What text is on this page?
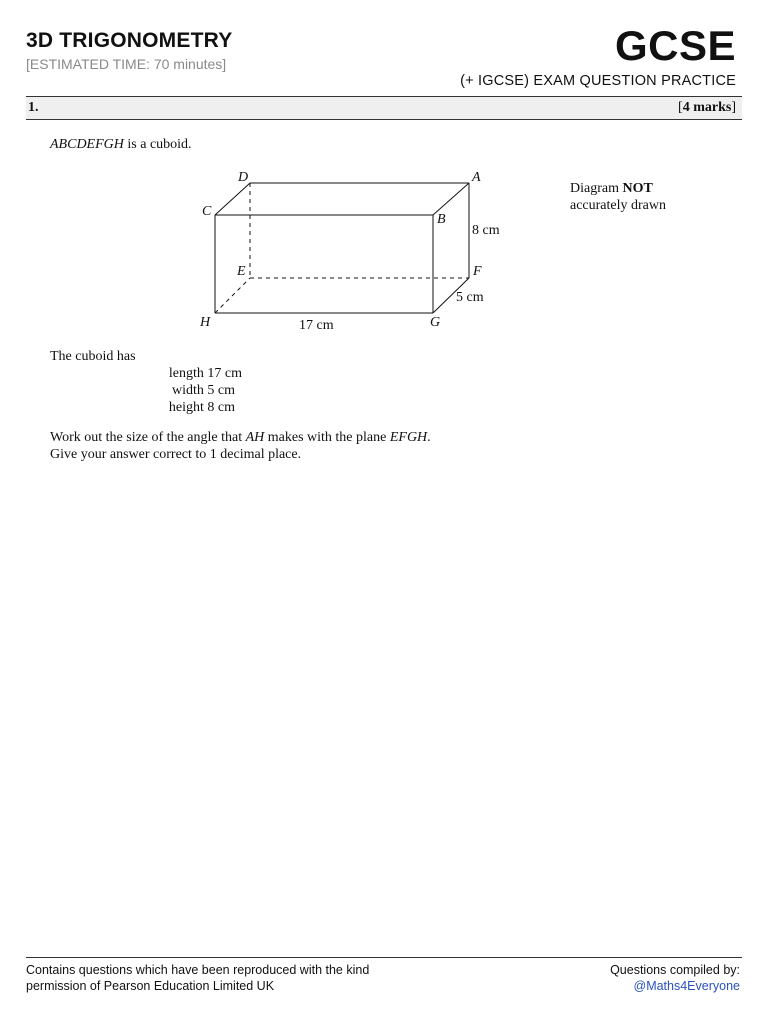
3D TRIGONOMETRY
[ESTIMATED TIME: 70 minutes]	GCSE
(+ IGCSE) EXAM QUESTION PRACTICE
1.	[4 marks]
ABCDEFGH is a cuboid.
D	A
C
B
E	F
H	G
8 cm
5 cm
17 cm
Diagram NOT
accurately drawn
The cuboid has
length 17 cm
width 5 cm
height 8 cm
Work out the size of the angle that AH makes with the plane EFGH.
Give your answer correct to 1 decimal place.
Contains questions which have been reproduced with the kind
permission of Pearson Education Limited UK
Questions compiled by:
@Maths4Everyone
